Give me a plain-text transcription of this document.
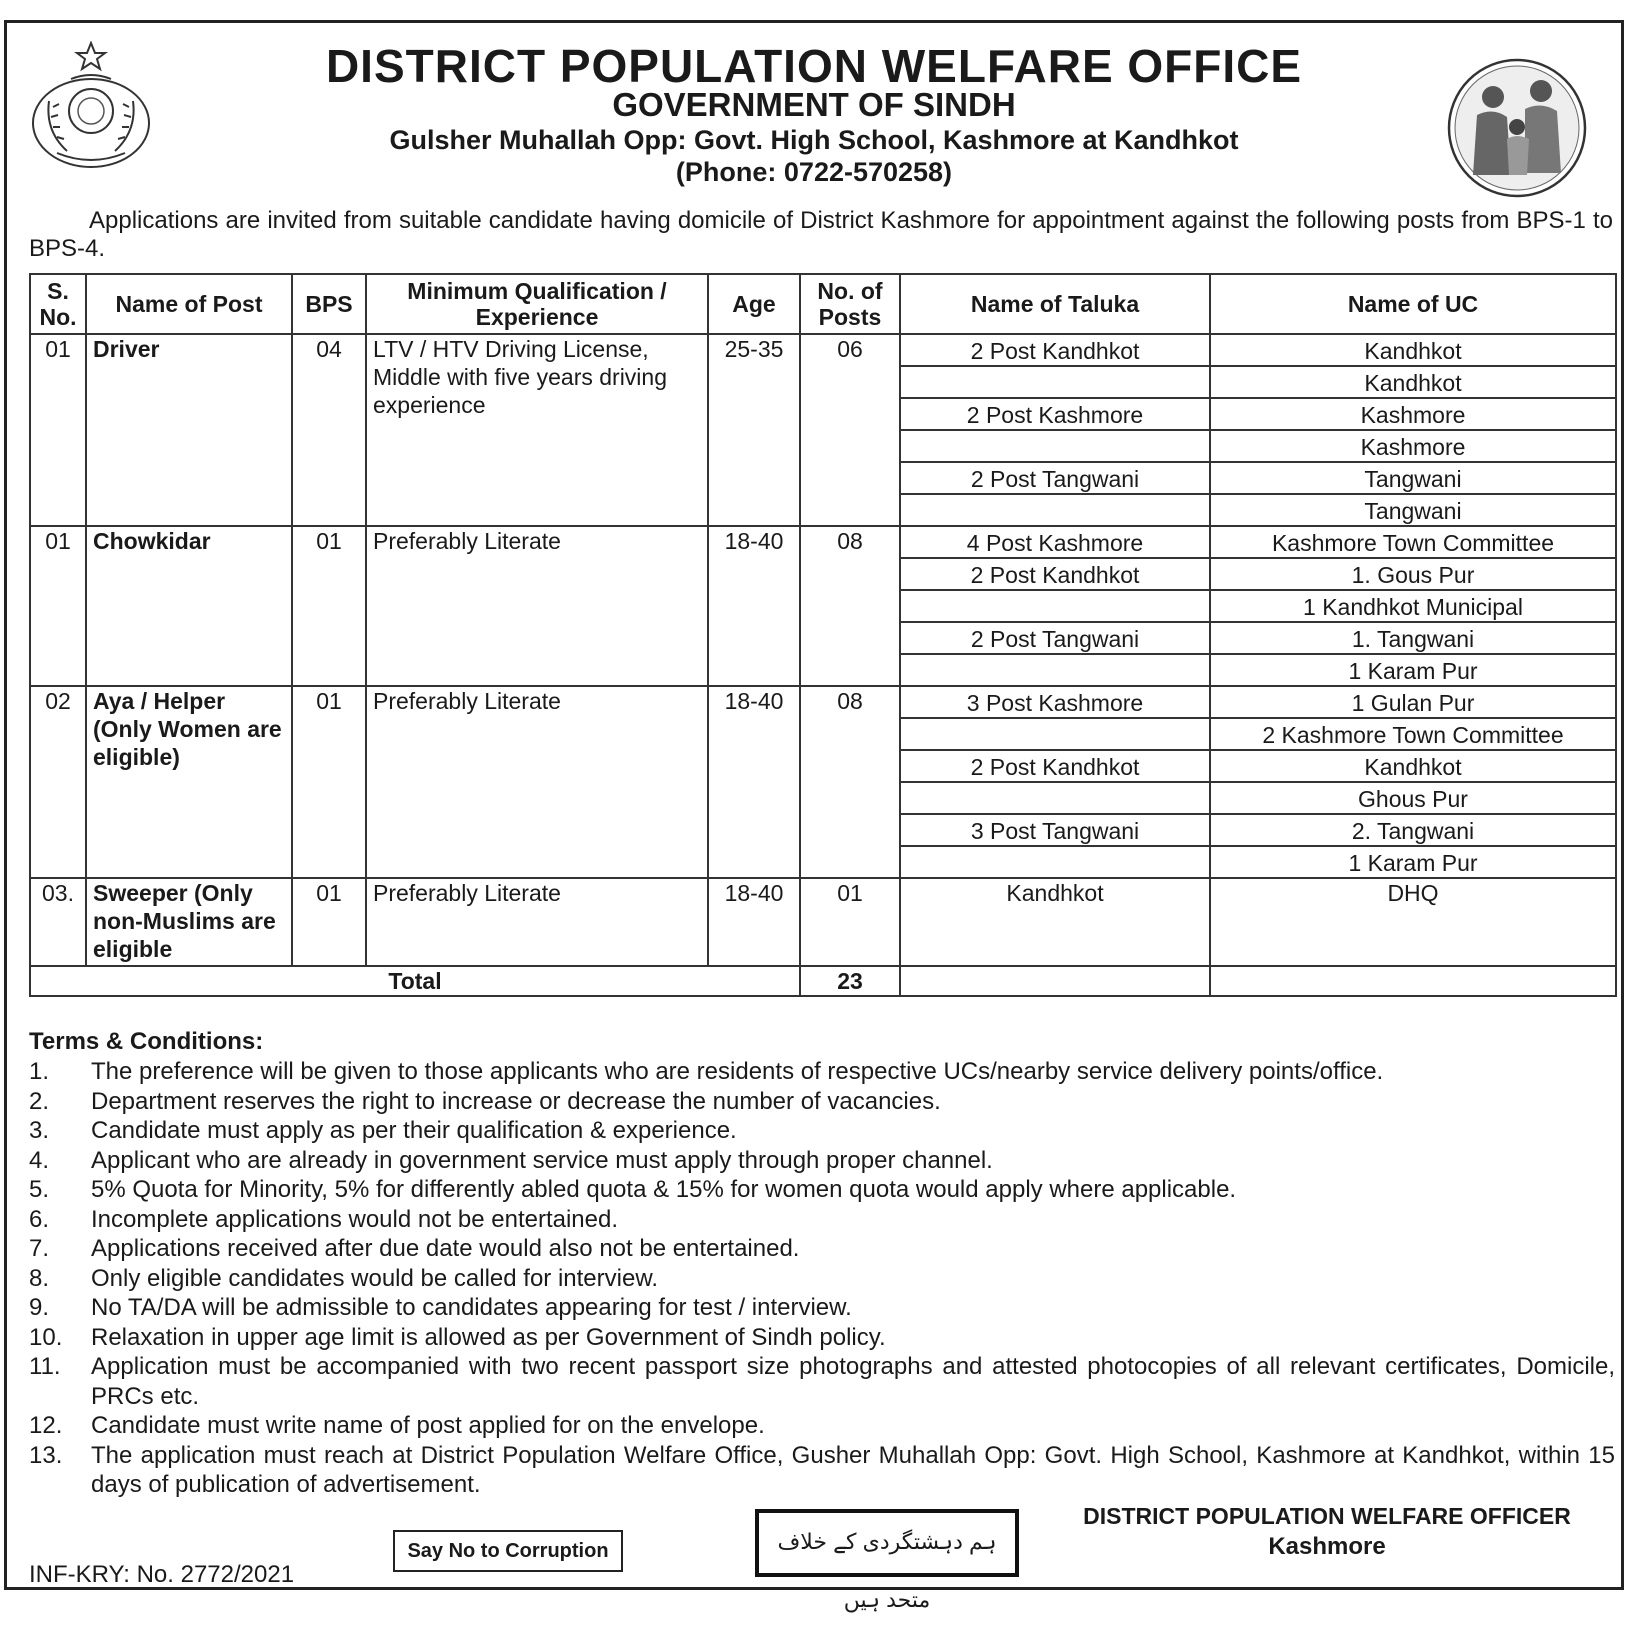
DISTRICT POPULATION WELFARE OFFICE
GOVERNMENT OF SINDH
Gulsher Muhallah Opp: Govt. High School, Kashmore at Kandhkot
(Phone: 0722-570258)
Applications are invited from suitable candidate having domicile of District Kashmore for appointment against the following posts from BPS-1 to BPS-4.
S. No.	Name of Post	BPS	Minimum Qualification / Experience	Age	No. of Posts	Name of Taluka	Name of UC
01	Driver	04	LTV / HTV Driving License, Middle with five years driving experience	25-35	06	2 Post Kandhkot	Kandhkot
							Kandhkot
						2 Post Kashmore	Kashmore
							Kashmore
						2 Post Tangwani	Tangwani
							Tangwani
01	Chowkidar	01	Preferably Literate	18-40	08	4 Post Kashmore	Kashmore Town Committee
						2 Post Kandhkot	1. Gous Pur
							1 Kandhkot Municipal
						2 Post Tangwani	1. Tangwani
							1 Karam Pur
02	Aya / Helper (Only Women are eligible)	01	Preferably Literate	18-40	08	3 Post Kashmore	1 Gulan Pur
							2 Kashmore Town Committee
						2 Post Kandhkot	Kandhkot
							Ghous Pur
						3 Post Tangwani	2. Tangwani
							1 Karam Pur
03.	Sweeper (Only non-Muslims are eligible	01	Preferably Literate	18-40	01	Kandhkot	DHQ
Total					23		
Terms & Conditions:
1.	The preference will be given to those applicants who are residents of respective UCs/nearby service delivery points/office.
2.	Department reserves the right to increase or decrease the number of vacancies.
3.	Candidate must apply as per their qualification & experience.
4.	Applicant who are already in government service must apply through proper channel.
5.	5% Quota for Minority, 5% for differently abled quota & 15% for women quota would apply where applicable.
6.	Incomplete applications would not be entertained.
7.	Applications received after due date would also not be entertained.
8.	Only eligible candidates would be called for interview.
9.	No TA/DA will be admissible to candidates appearing for test / interview.
10.	Relaxation in upper age limit is allowed as per Government of Sindh policy.
11.	Application must be accompanied with two recent passport size photographs and attested photocopies of all relevant certificates, Domicile, PRCs etc.
12.	Candidate must write name of post applied for on the envelope.
13.	The application must reach at District Population Welfare Office, Gusher Muhallah Opp: Govt. High School, Kashmore at Kandhkot, within 15 days of publication of advertisement.
DISTRICT POPULATION WELFARE OFFICER
Kashmore
Say No to Corruption	ہم دہشتگردی کے خلاف متحد ہیں
INF-KRY: No. 2772/2021
